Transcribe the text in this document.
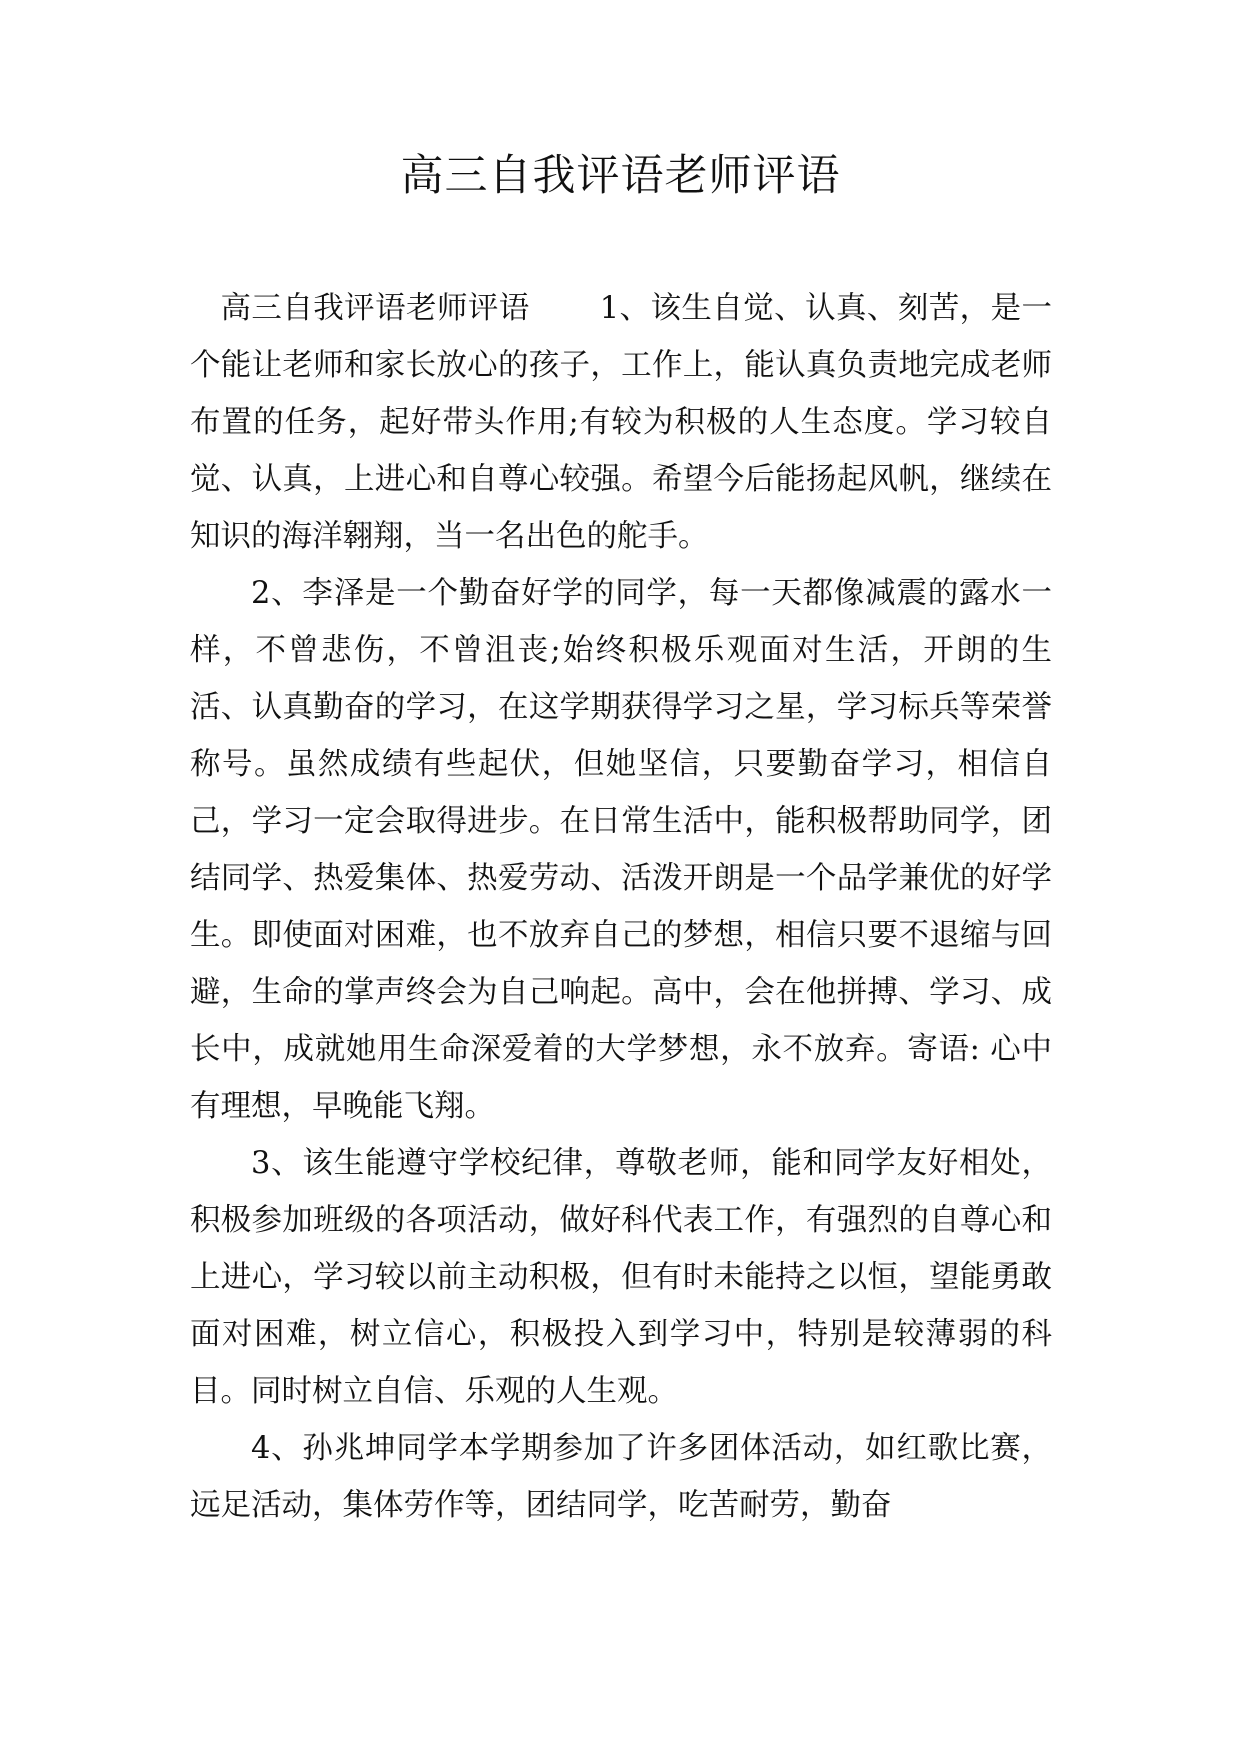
高三自我评语老师评语

高三自我评语老师评语 1、该生自觉、认真、刻苦，是一个能让老师和家长放心的孩子，工作上，能认真负责地完成老师布置的任务，起好带头作用;有较为积极的人生态度。学习较自觉、认真，上进心和自尊心较强。希望今后能扬起风帆，继续在知识的海洋翱翔，当一名出色的舵手。

2、李泽是一个勤奋好学的同学，每一天都像减震的露水一样，不曾悲伤，不曾沮丧;始终积极乐观面对生活，开朗的生活、认真勤奋的学习，在这学期获得学习之星，学习标兵等荣誉称号。虽然成绩有些起伏，但她坚信，只要勤奋学习，相信自己，学习一定会取得进步。在日常生活中，能积极帮助同学，团结同学、热爱集体、热爱劳动、活泼开朗是一个品学兼优的好学生。即使面对困难，也不放弃自己的梦想，相信只要不退缩与回避，生命的掌声终会为自己响起。高中，会在他拼搏、学习、成长中，成就她用生命深爱着的大学梦想，永不放弃。寄语: 心中有理想，早晚能飞翔。

3、该生能遵守学校纪律，尊敬老师，能和同学友好相处，积极参加班级的各项活动，做好科代表工作，有强烈的自尊心和上进心，学习较以前主动积极，但有时未能持之以恒，望能勇敢面对困难，树立信心，积极投入到学习中，特别是较薄弱的科目。同时树立自信、乐观的人生观。

4、孙兆坤同学本学期参加了许多团体活动，如红歌比赛，远足活动，集体劳作等，团结同学，吃苦耐劳，勤奋
